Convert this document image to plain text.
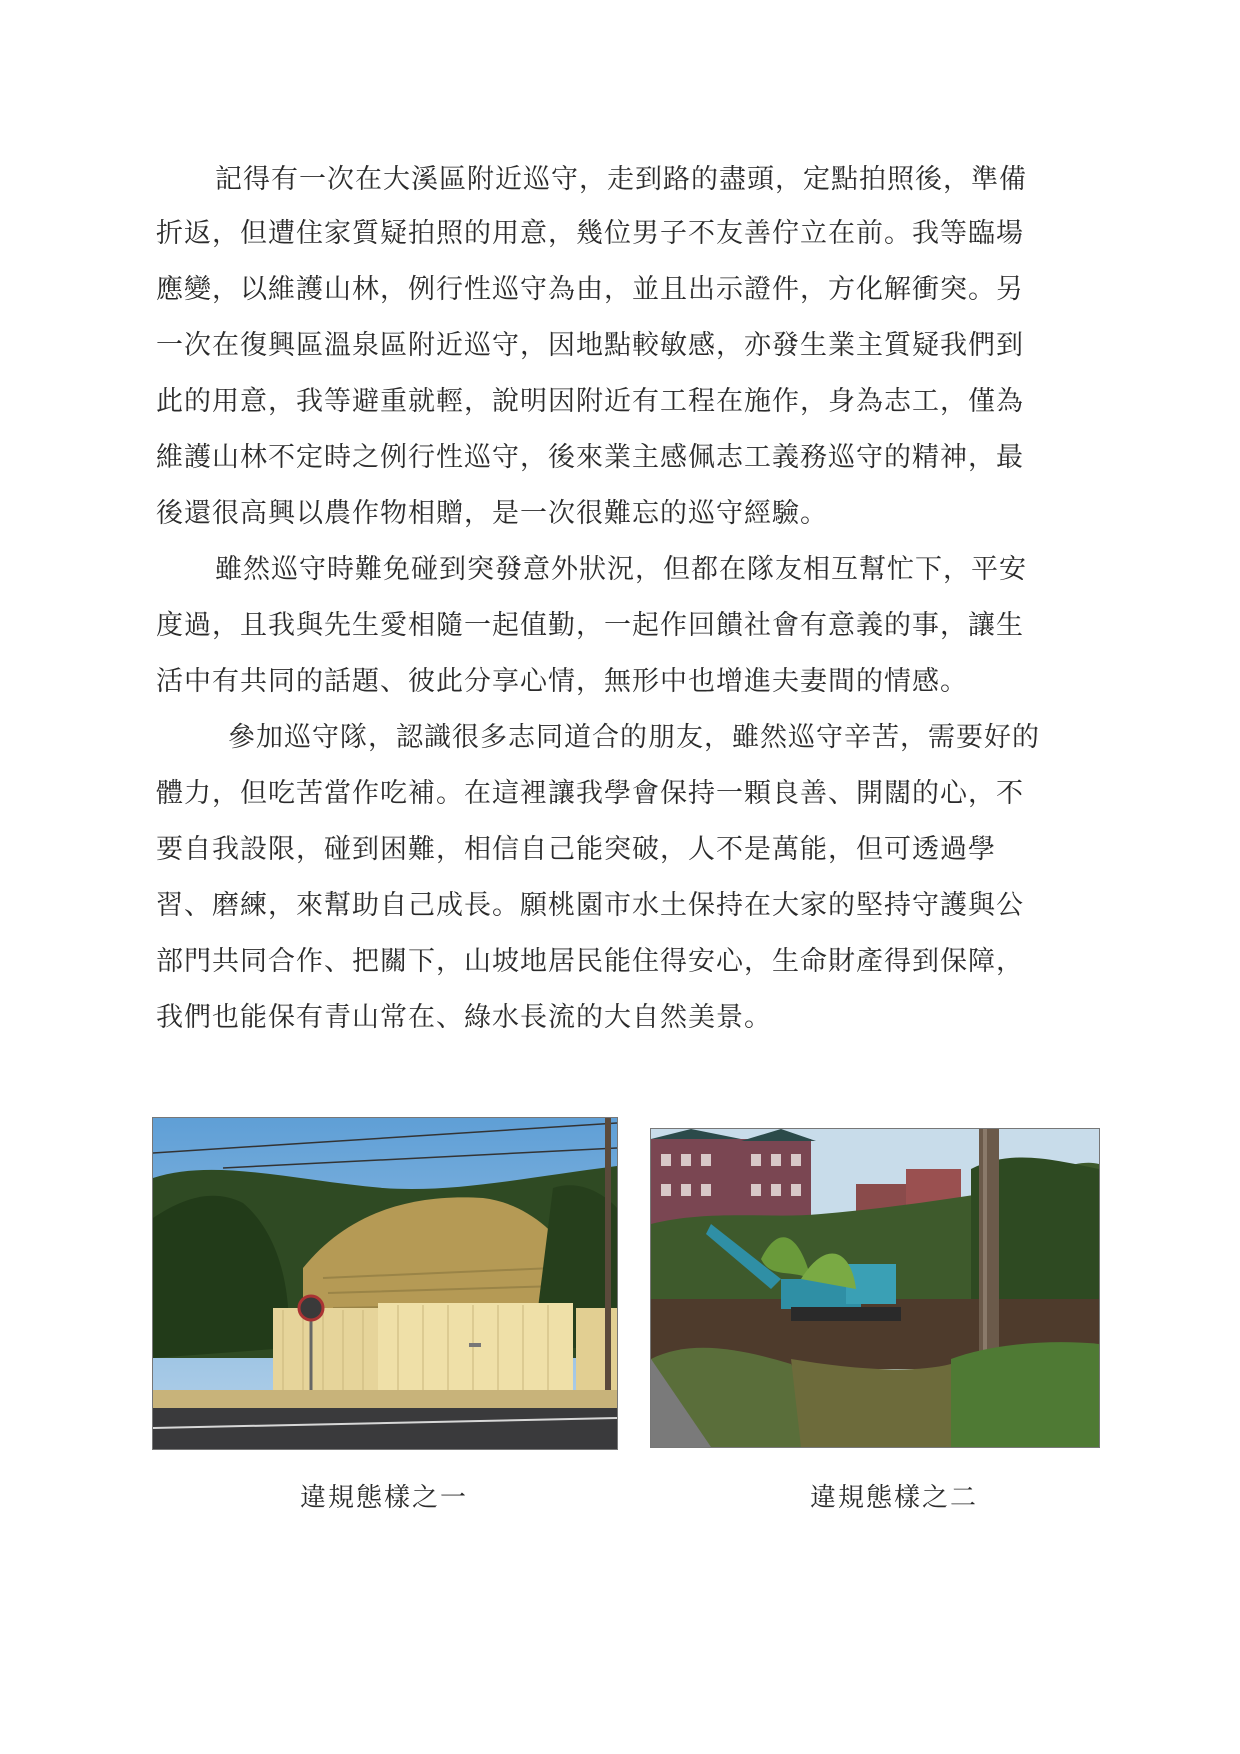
記得有一次在大溪區附近巡守，走到路的盡頭，定點拍照後，準備
折返，但遭住家質疑拍照的用意，幾位男子不友善佇立在前。我等臨場
應變，以維護山林，例行性巡守為由，並且出示證件，方化解衝突。另
一次在復興區溫泉區附近巡守，因地點較敏感，亦發生業主質疑我們到
此的用意，我等避重就輕，說明因附近有工程在施作，身為志工，僅為
維護山林不定時之例行性巡守，後來業主感佩志工義務巡守的精神，最
後還很高興以農作物相贈，是一次很難忘的巡守經驗。
雖然巡守時難免碰到突發意外狀況，但都在隊友相互幫忙下，平安
度過，且我與先生愛相隨一起值勤，一起作回饋社會有意義的事，讓生
活中有共同的話題、彼此分享心情，無形中也增進夫妻間的情感。
參加巡守隊，認識很多志同道合的朋友，雖然巡守辛苦，需要好的
體力，但吃苦當作吃補。在這裡讓我學會保持一顆良善、開闊的心，不
要自我設限，碰到困難，相信自己能突破，人不是萬能，但可透過學
習、磨練，來幫助自己成長。願桃園市水土保持在大家的堅持守護與公
部門共同合作、把關下，山坡地居民能住得安心，生命財產得到保障，
我們也能保有青山常在、綠水長流的大自然美景。
違規態樣之一	違規態樣之二
